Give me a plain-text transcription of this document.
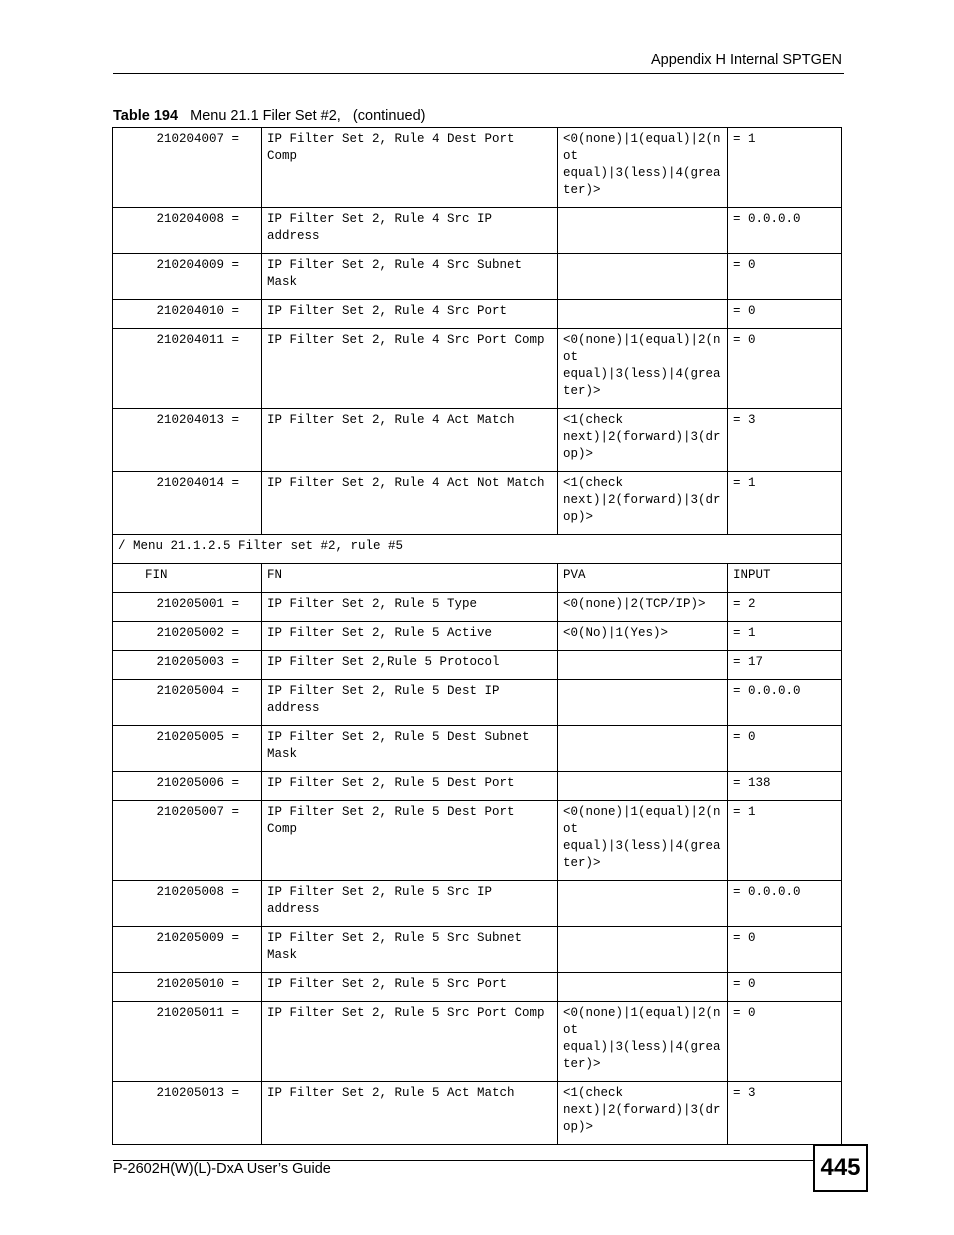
Appendix H Internal SPTGEN
Table 194   Menu 21.1 Filer Set #2,   (continued)
210204007 =	IP Filter Set 2, Rule 4 Dest Port Comp	<0(none)|1(equal)|2(not equal)|3(less)|4(greater)>	= 1
210204008 =	IP Filter Set 2, Rule 4 Src IP address		= 0.0.0.0
210204009 =	IP Filter Set 2, Rule 4 Src Subnet Mask		= 0
210204010 =	IP Filter Set 2, Rule 4 Src Port		= 0
210204011 =	IP Filter Set 2, Rule 4 Src Port Comp	<0(none)|1(equal)|2(not equal)|3(less)|4(greater)>	= 0
210204013 =	IP Filter Set 2, Rule 4 Act Match	<1(check next)|2(forward)|3(drop)>	= 3
210204014 =	IP Filter Set 2, Rule 4 Act Not Match	<1(check next)|2(forward)|3(drop)>	= 1
/ Menu 21.1.2.5 Filter set #2, rule #5			
FIN	FN	PVA	INPUT
210205001 =	IP Filter Set 2, Rule 5 Type	<0(none)|2(TCP/IP)>	= 2
210205002 =	IP Filter Set 2, Rule 5 Active	<0(No)|1(Yes)>	= 1
210205003 =	IP Filter Set 2,Rule 5 Protocol		= 17
210205004 =	IP Filter Set 2, Rule 5 Dest IP address		= 0.0.0.0
210205005 =	IP Filter Set 2, Rule 5 Dest Subnet Mask		= 0
210205006 =	IP Filter Set 2, Rule 5 Dest Port		= 138
210205007 =	IP Filter Set 2, Rule 5 Dest Port Comp	<0(none)|1(equal)|2(not equal)|3(less)|4(greater)>	= 1
210205008 =	IP Filter Set 2, Rule 5 Src IP address		= 0.0.0.0
210205009 =	IP Filter Set 2, Rule 5 Src Subnet Mask		= 0
210205010 =	IP Filter Set 2, Rule 5 Src Port		= 0
210205011 =	IP Filter Set 2, Rule 5 Src Port Comp	<0(none)|1(equal)|2(not equal)|3(less)|4(greater)>	= 0
210205013 =	IP Filter Set 2, Rule 5 Act Match	<1(check next)|2(forward)|3(drop)>	= 3
P-2602H(W)(L)-DxA User’s Guide	445
